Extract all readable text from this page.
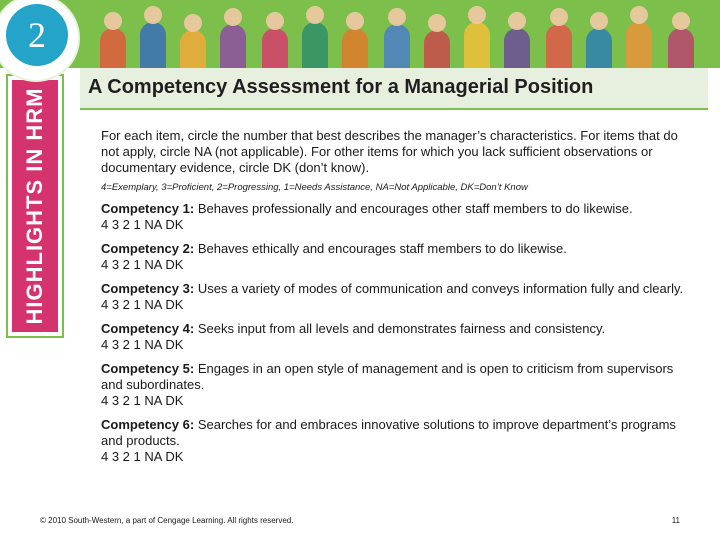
2
A Competency Assessment for a Managerial Position
HIGHLIGHTS IN HRM	For each item, circle the number that best describes the manager’s characteristics. For items that do not apply, circle NA (not applicable). For other items for which you lack sufficient observations or documentary evidence, circle DK (don’t know).

4=Exemplary, 3=Proficient, 2=Progressing, 1=Needs Assistance, NA=Not Applicable, DK=Don’t Know

Competency 1: Behaves professionally and encourages other staff members to do likewise.
4 3 2 1 NA DK
Competency 2: Behaves ethically and encourages staff members to do likewise.
4 3 2 1 NA DK
Competency 3: Uses a variety of modes of communication and conveys information fully and clearly.
4 3 2 1 NA DK
Competency 4: Seeks input from all levels and demonstrates fairness and consistency.
4 3 2 1 NA DK
Competency 5: Engages in an open style of management and is open to criticism from supervisors and subordinates.
4 3 2 1 NA DK
Competency 6: Searches for and embraces innovative solutions to improve department’s programs and products.
4 3 2 1 NA DK
© 2010 South-Western, a part of Cengage Learning. All rights reserved.	11
